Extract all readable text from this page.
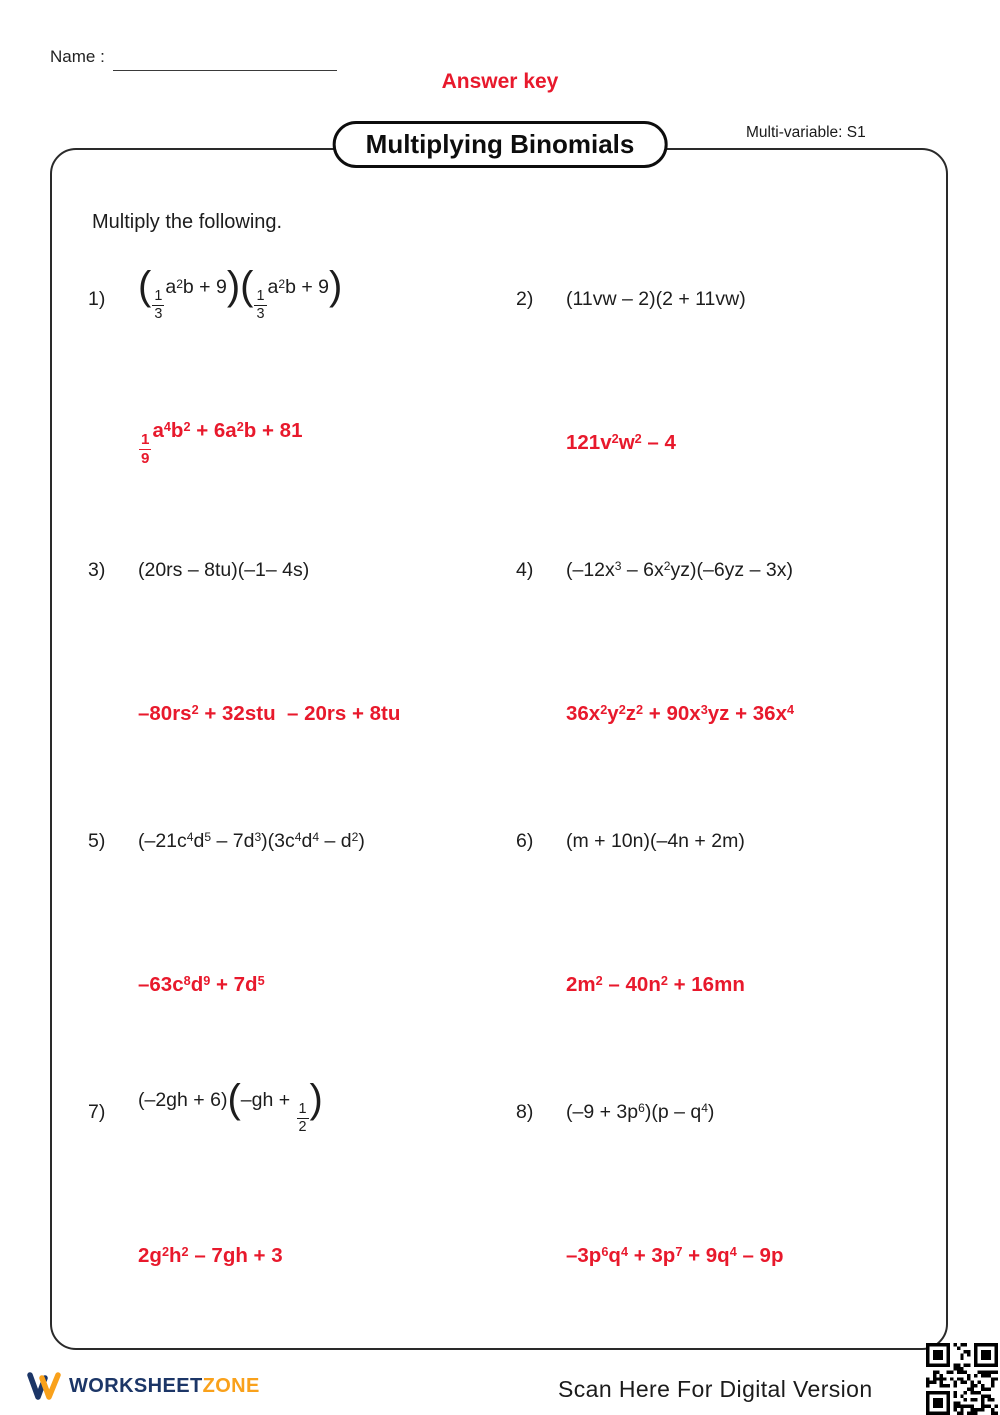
Name :
Answer key
Multiplying Binomials	Multi-variable: S1
Multiply the following.
1) ( $\frac{1}{3}$
$a^2b + 9)( \frac{1}{3}$
$a^2b + 9$)
$\frac{1}{9}$
$a^4b^2 + 6a^2b + 81$
2)	(11vw – 2)(2 + 11vw)
$121v^2w^2 - 4$
3)	(20rs – 8tu)(–1– 4s)
$-80rs^2 + 32stu - 20rs + 8tu$
4)	$(-12x^3 - 6x^2yz)(-6yz - 3x)$
$36x^2y^2z^2 + 90x^3yz + 36x^4$
5)	$(-21c^4d^5 - 7d^3)(3c^4d^4 - d^2)$
$-63c^8d^9 + 7d^5$
6)	(m + 10n)(–4n + 2m)
$2m^2 - 40n^2 + 16mn$
7)
(–2gh + 6)(–gh +
$\frac{1}{2}$ )
$2g^2h^2 - 7gh + 3$
8)	$(-9 + 3p^6)(p - q^4)$
$-3p^6q^4 + 3p^7 + 9q^4 - 9p$
WORKSHEETZONE	Scan Here For Digital Version
